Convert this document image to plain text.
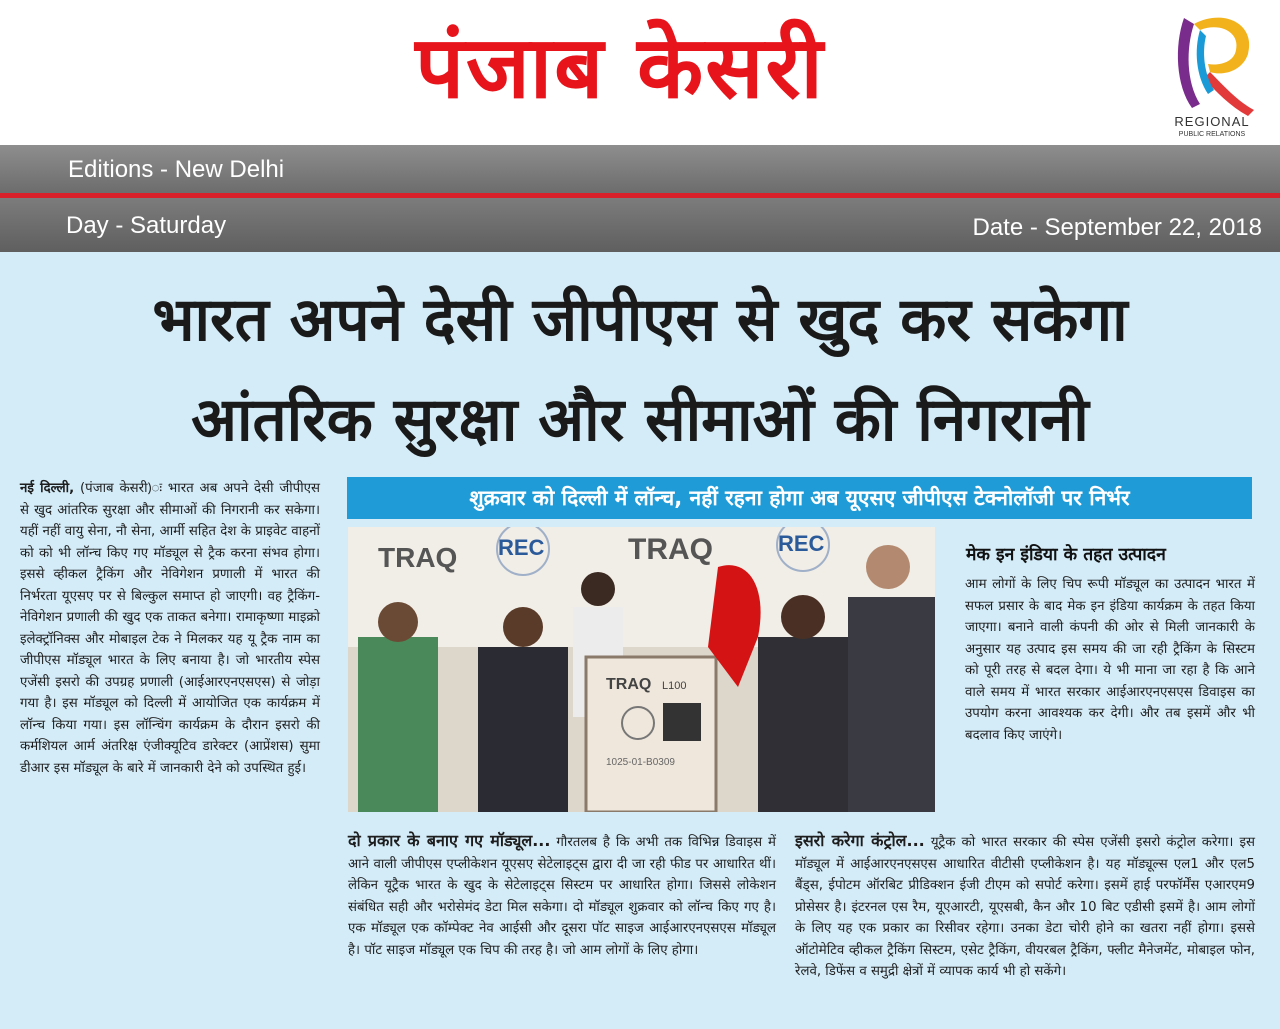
पंजाब केसरी
REGIONAL
PUBLIC RELATIONS
Editions - New Delhi
Day - Saturday	Date - September 22, 2018
भारत अपने देसी जीपीएस से खुद कर सकेगा
आंतरिक सुरक्षा और सीमाओं की निगरानी
नई दिल्ली, (पंजाब केसरी)ः भारत अब अपने देसी जीपीएस से खुद आंतरिक सुरक्षा और सीमाओं की निगरानी कर सकेगा। यहीं नहीं वायु सेना, नौ सेना, आर्मी सहित देश के प्राइवेट वाहनों को को भी लॉन्च किए गए मॉड्यूल से ट्रैक करना संभव होगा। इससे व्हीकल ट्रैकिंग और नेविगेशन प्रणाली में भारत की निर्भरता यूएसए पर से बिल्कुल समाप्त हो जाएगी। वह ट्रैकिंग-नेविगेशन प्रणाली की खुद एक ताकत बनेगा। रामाकृष्णा माइक्रो इलेक्ट्रॉनिक्स और मोबाइल टेक ने मिलकर यह यू ट्रैक नाम का जीपीएस मॉड्यूल भारत के लिए बनाया है। जो भारतीय स्पेस एजेंसी इसरो की उपग्रह प्रणाली (आईआरएनएसएस) से जोड़ा गया है। इस मॉड्यूल को दिल्ली में आयोजित एक कार्यक्रम में लॉन्च किया गया। इस लॉन्चिंग कार्यक्रम के दौरान इसरो की कर्मशियल आर्म अंतरिक्ष एंजीक्यूटिव डारेक्टर (आप्रेंशस) सुमा डीआर इस मॉड्यूल के बारे में जानकारी देने को उपस्थित हुई।
शुक्रवार को दिल्ली में लॉन्च, नहीं रहना होगा अब यूएसए जीपीएस टेक्नोलॉजी पर निर्भर
TRAQ REC	TRAQ	REC
TRAQ L100
1025-01-B0309
मेक इन इंडिया के तहत उत्पादन
आम लोगों के लिए चिप रूपी मॉड्यूल का उत्पादन भारत में सफल प्रसार के बाद मेक इन इंडिया कार्यक्रम के तहत किया जाएगा। बनाने वाली कंपनी की ओर से मिली जानकारी के अनुसार यह उत्पाद इस समय की जा रही ट्रैकिंग के सिस्टम को पूरी तरह से बदल देगा। ये भी माना जा रहा है कि आने वाले समय में भारत सरकार आईआरएनएसएस डिवाइस का उपयोग करना आवश्यक कर देगी। और तब इसमें और भी बदलाव किए जाएंगे।
दो प्रकार के बनाए गए मॉड्यूल... गौरतलब है कि अभी तक विभिन्न डिवाइस में आने वाली जीपीएस एप्लीकेशन यूएसए सेटेलाइट्स द्वारा दी जा रही फीड पर आधारित थीं। लेकिन यूट्रैक भारत के खुद के सेटेलाइट्स सिस्टम पर आधारित होगा। जिससे लोकेशन संबंधित सही और भरोसेमंद डेटा मिल सकेगा। दो मॉड्यूल शुक्रवार को लॉन्च किए गए है। एक मॉड्यूल एक कॉम्पेक्ट नेव आईसी और दूसरा पॉट साइज आईआरएनएसएस मॉड्यूल है। पॉट साइज मॉड्यूल एक चिप की तरह है। जो आम लोगों के लिए होगा।
इसरो करेगा कंट्रोल... यूट्रैक को भारत सरकार की स्पेस एजेंसी इसरो कंट्रोल करेगा। इस मॉड्यूल में आईआरएनएसएस आधारित वीटीसी एप्लीकेशन है। यह मॉड्यूल्स एल1 और एल5 बैंड्स, ईपोटम ऑरबिट प्रीडिक्शन ईजी टीएम को सपोर्ट करेगा। इसमें हाई परफॉर्मेंस एआरएम9 प्रोसेसर है। इंटरनल एस रैम, यूएआरटी, यूएसबी, कैन और 10 बिट एडीसी इसमें है। आम लोगों के लिए यह एक प्रकार का रिसीवर रहेगा। उनका डेटा चोरी होने का खतरा नहीं होगा। इससे ऑटोमेटिव व्हीकल ट्रैकिंग सिस्टम, एसेट ट्रैकिंग, वीयरबल ट्रैकिंग, फ्लीट मैनेजमेंट, मोबाइल फोन, रेलवे, डिफेंस व समुद्री क्षेत्रों में व्यापक कार्य भी हो सकेंगे।
